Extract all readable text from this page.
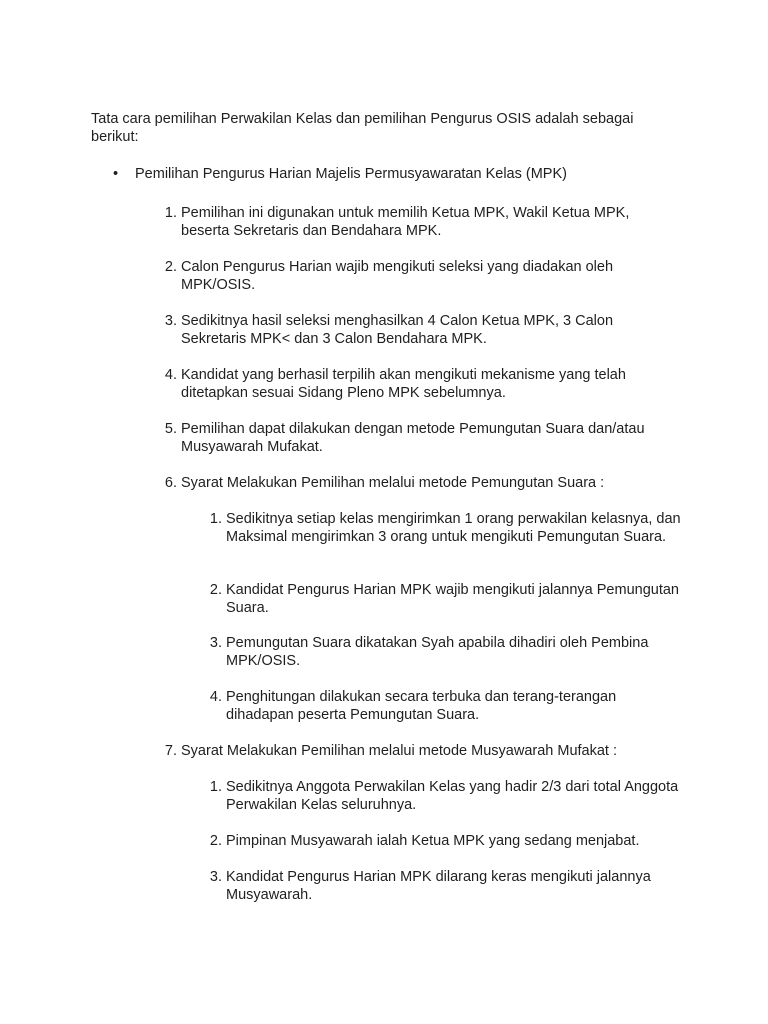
Tata cara pemilihan Perwakilan Kelas dan pemilihan Pengurus OSIS adalah sebagai berikut:

• Pemilihan Pengurus Harian Majelis Permusyawaratan Kelas (MPK)
1. Pemilihan ini digunakan untuk memilih Ketua MPK, Wakil Ketua MPK, beserta Sekretaris dan Bendahara MPK.
2. Calon Pengurus Harian wajib mengikuti seleksi yang diadakan oleh MPK/OSIS.
3. Sedikitnya hasil seleksi menghasilkan 4 Calon Ketua MPK, 3 Calon Sekretaris MPK< dan 3 Calon Bendahara MPK.
4. Kandidat yang berhasil terpilih akan mengikuti mekanisme yang telah ditetapkan sesuai Sidang Pleno MPK sebelumnya.
5. Pemilihan dapat dilakukan dengan metode Pemungutan Suara dan/atau Musyawarah Mufakat.
6. Syarat Melakukan Pemilihan melalui metode Pemungutan Suara :
1. Sedikitnya setiap kelas mengirimkan 1 orang perwakilan kelasnya, dan Maksimal mengirimkan 3 orang untuk mengikuti Pemungutan Suara.
2. Kandidat Pengurus Harian MPK wajib mengikuti jalannya Pemungutan Suara.
3. Pemungutan Suara dikatakan Syah apabila dihadiri oleh Pembina MPK/OSIS.
4. Penghitungan dilakukan secara terbuka dan terang-terangan dihadapan peserta Pemungutan Suara.
7. Syarat Melakukan Pemilihan melalui metode Musyawarah Mufakat :
1. Sedikitnya Anggota Perwakilan Kelas yang hadir 2/3 dari total Anggota Perwakilan Kelas seluruhnya.
2. Pimpinan Musyawarah ialah Ketua MPK yang sedang menjabat.
3. Kandidat Pengurus Harian MPK dilarang keras mengikuti jalannya Musyawarah.
